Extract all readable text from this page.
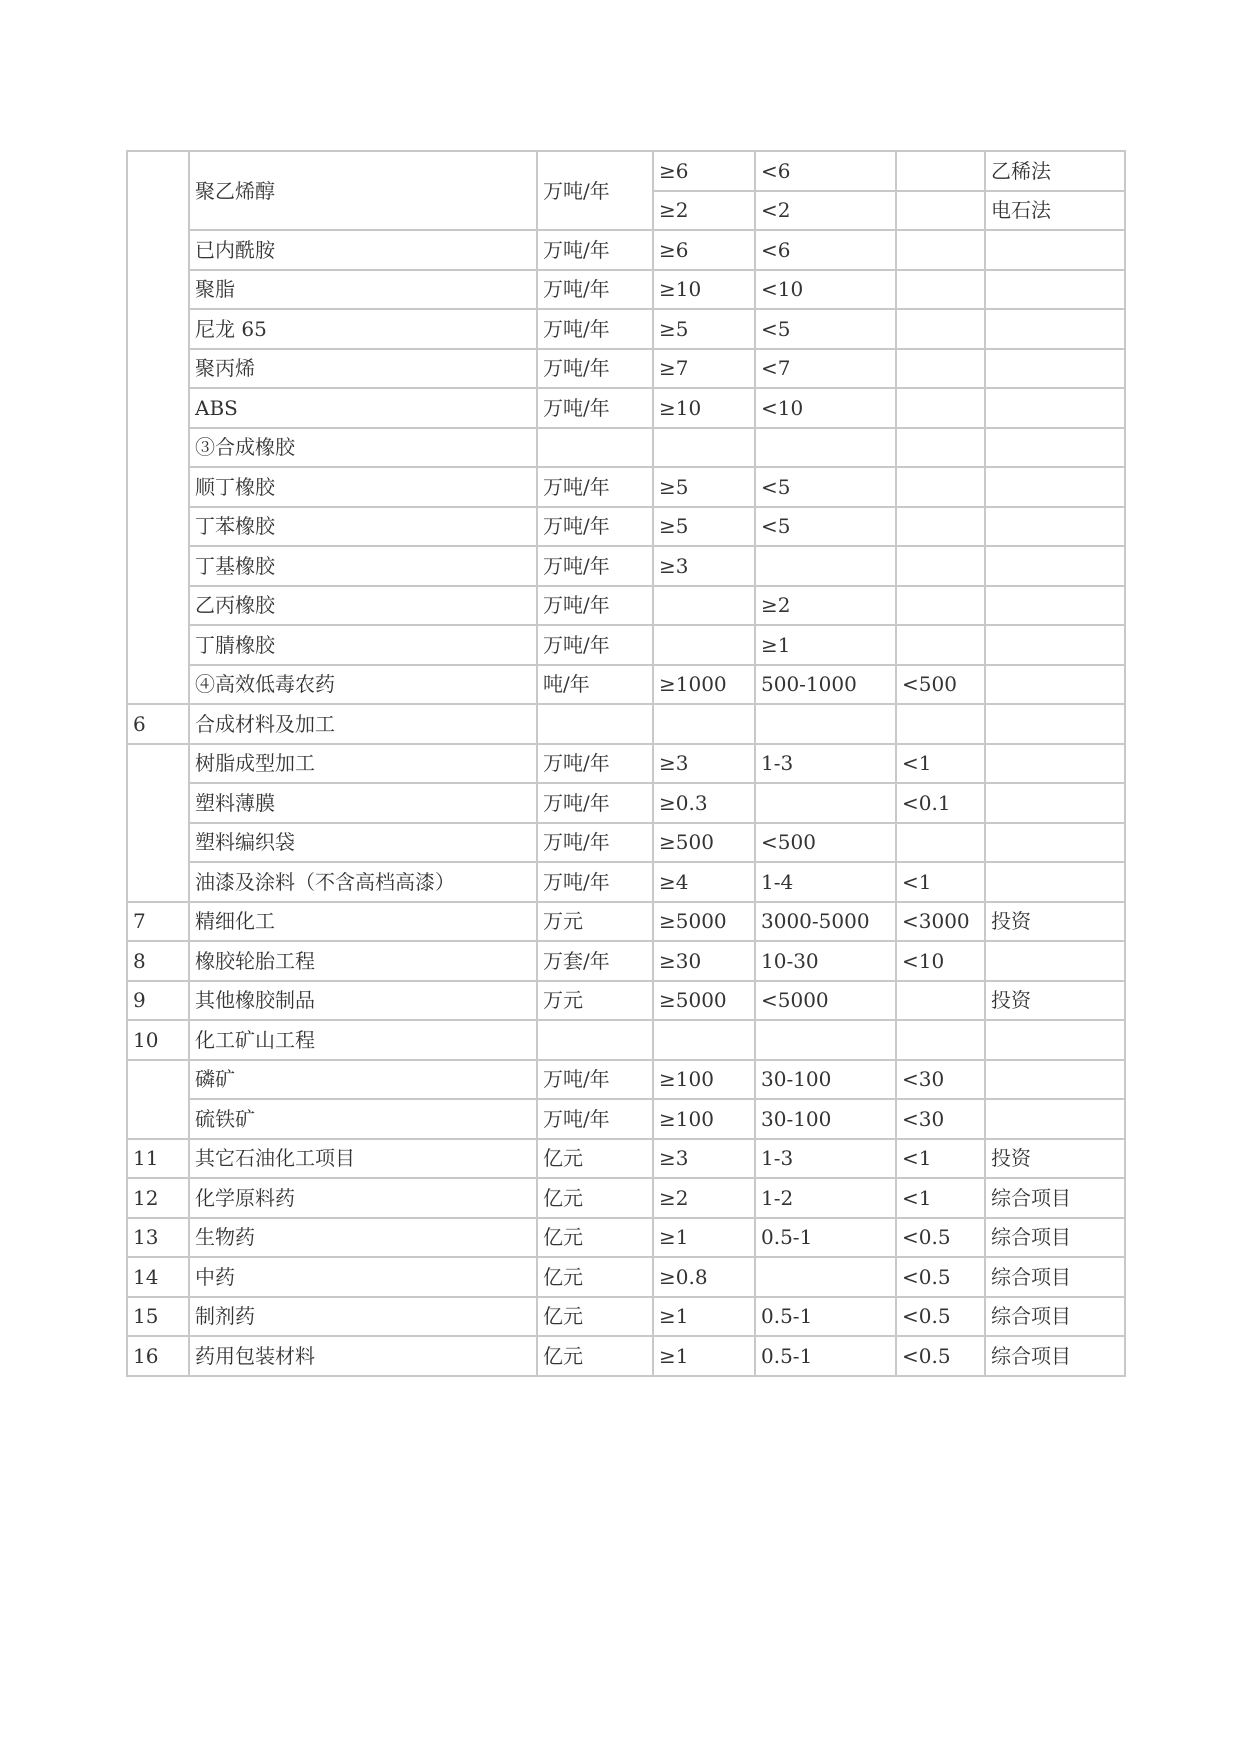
	聚乙烯醇	万吨/年	≥6	<6		乙稀法
			≥2	<2		电石法
	已内酰胺	万吨/年	≥6	<6		
	聚脂	万吨/年	≥10	<10		
	尼龙 65	万吨/年	≥5	<5		
	聚丙烯	万吨/年	≥7	<7		
	ABS	万吨/年	≥10	<10		
	③合成橡胶					
	顺丁橡胶	万吨/年	≥5	<5		
	丁苯橡胶	万吨/年	≥5	<5		
	丁基橡胶	万吨/年	≥3			
	乙丙橡胶	万吨/年		≥2		
	丁腈橡胶	万吨/年		≥1		
	④高效低毒农药	吨/年	≥1000	500-1000	<500	
6	合成材料及加工					
	树脂成型加工	万吨/年	≥3	1-3	<1	
	塑料薄膜	万吨/年	≥0.3		<0.1	
	塑料编织袋	万吨/年	≥500	<500		
	油漆及涂料（不含高档高漆）	万吨/年	≥4	1-4	<1	
7	精细化工	万元	≥5000	3000-5000	<3000	投资
8	橡胶轮胎工程	万套/年	≥30	10-30	<10	
9	其他橡胶制品	万元	≥5000	<5000		投资
10	化工矿山工程					
	磷矿	万吨/年	≥100	30-100	<30	
	硫铁矿	万吨/年	≥100	30-100	<30	
11	其它石油化工项目	亿元	≥3	1-3	<1	投资
12	化学原料药	亿元	≥2	1-2	<1	综合项目
13	生物药	亿元	≥1	0.5-1	<0.5	综合项目
14	中药	亿元	≥0.8		<0.5	综合项目
15	制剂药	亿元	≥1	0.5-1	<0.5	综合项目
16	药用包装材料	亿元	≥1	0.5-1	<0.5	综合项目
